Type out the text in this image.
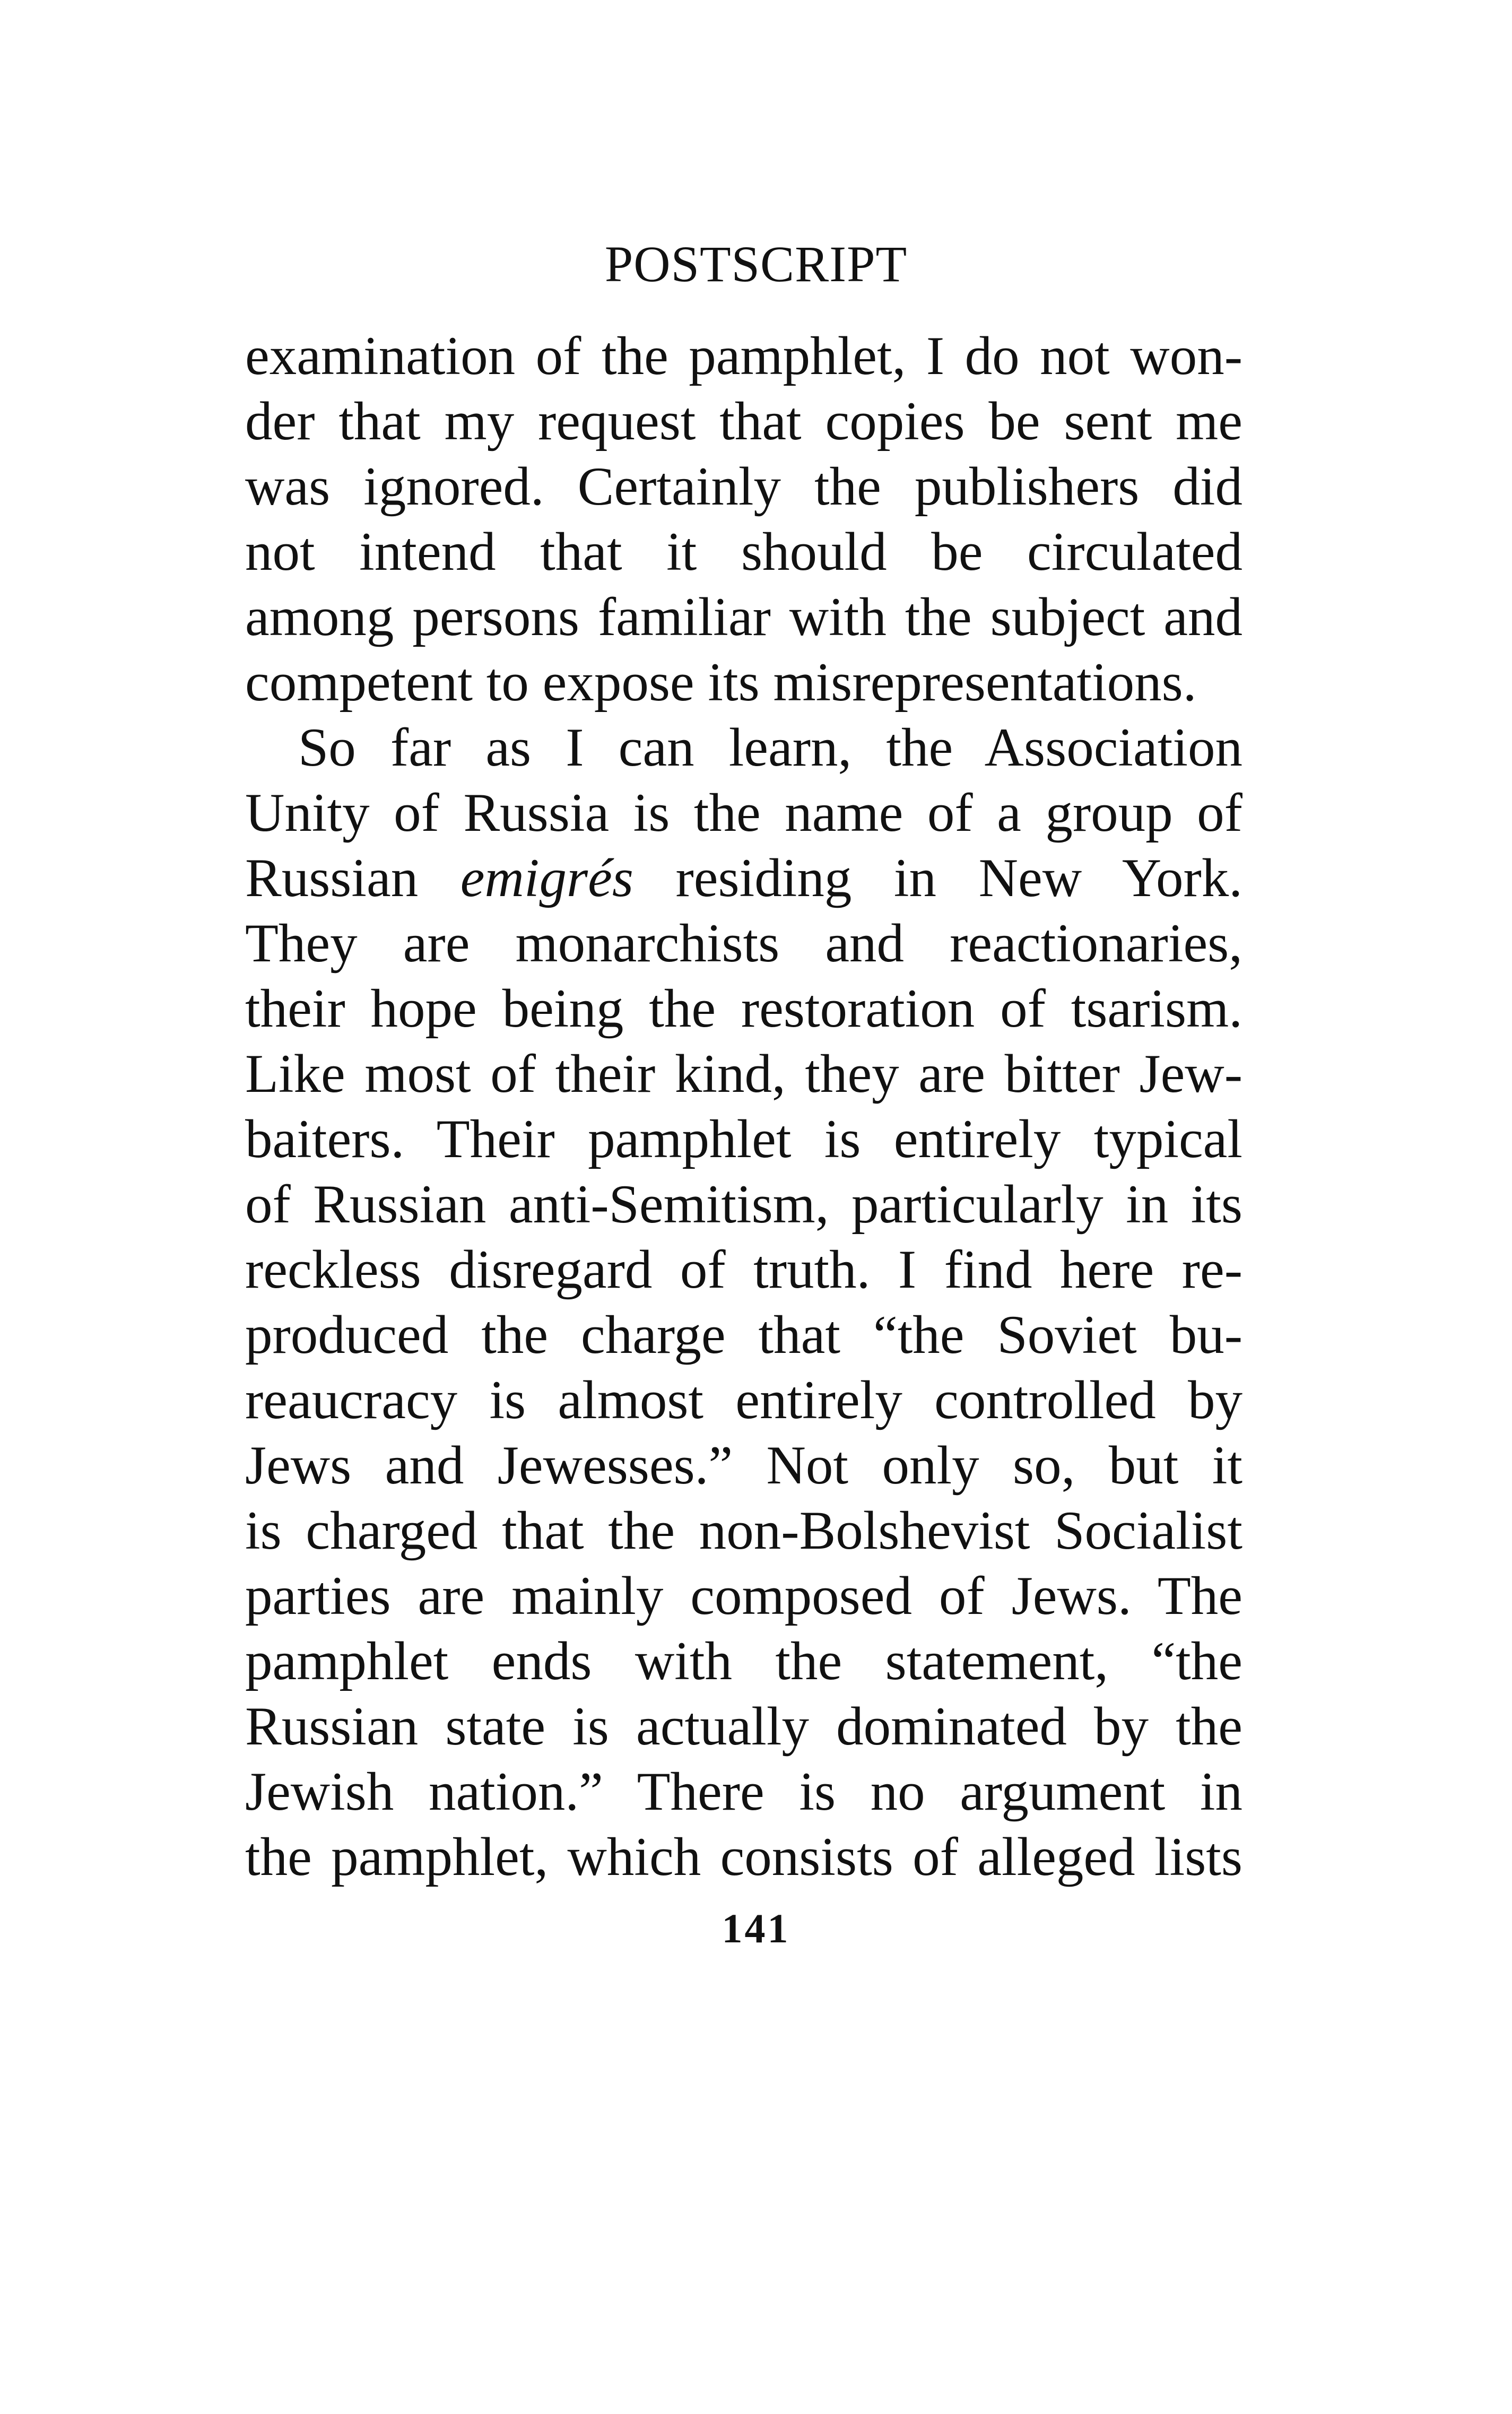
POSTSCRIPT
examination of the pamphlet, I do not won-
der that my request that copies be sent me
was ignored. Certainly the publishers did
not intend that it should be circulated
among persons familiar with the subject and
competent to expose its misrepresentations.
So far as I can learn, the Association
Unity of Russia is the name of a group of
Russian emigrés residing in New York.
They are monarchists and reactionaries,
their hope being the restoration of tsarism.
Like most of their kind, they are bitter Jew-
baiters. Their pamphlet is entirely typical
of Russian anti-Semitism, particularly in its
reckless disregard of truth. I find here re-
produced the charge that “the Soviet bu-
reaucracy is almost entirely controlled by
Jews and Jewesses.” Not only so, but it
is charged that the non-Bolshevist Socialist
parties are mainly composed of Jews. The
pamphlet ends with the statement, “the
Russian state is actually dominated by the
Jewish nation.” There is no argument in
the pamphlet, which consists of alleged lists
141
